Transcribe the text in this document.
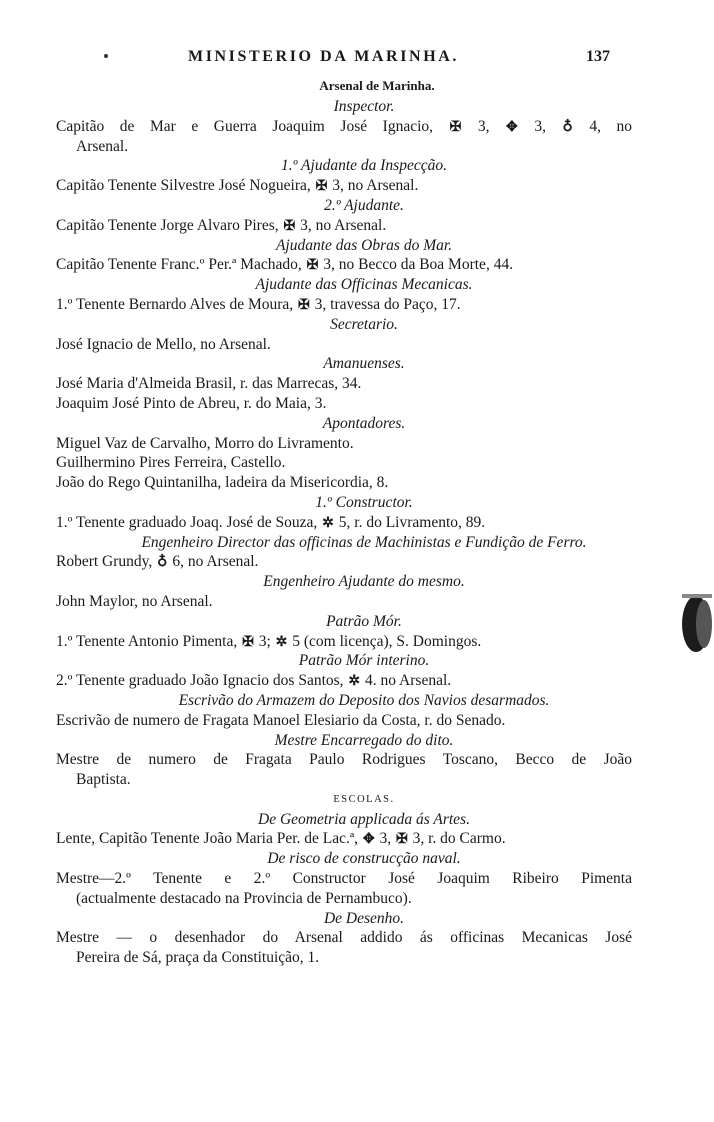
MINISTERIO DA MARINHA.	137
Arsenal de Marinha.
Inspector.
Capitão de Mar e Guerra Joaquim José Ignacio, ✠ 3, ✥ 3, ♁ 4, no
Arsenal.
1.º Ajudante da Inspecção.
Capitão Tenente Silvestre José Nogueira, ✠ 3, no Arsenal.
2.º Ajudante.
Capitão Tenente Jorge Alvaro Pires, ✠ 3, no Arsenal.
Ajudante das Obras do Mar.
Capitão Tenente Franc.º Per.ª Machado, ✠ 3, no Becco da Boa Morte, 44.
Ajudante das Officinas Mecanicas.
1.º Tenente Bernardo Alves de Moura, ✠ 3, travessa do Paço, 17.
Secretario.
José Ignacio de Mello, no Arsenal.
Amanuenses.
José Maria d'Almeida Brasil, r. das Marrecas, 34.
Joaquim José Pinto de Abreu, r. do Maia, 3.
Apontadores.
Miguel Vaz de Carvalho, Morro do Livramento.
Guilhermino Pires Ferreira, Castello.
João do Rego Quintanilha, ladeira da Misericordia, 8.
1.º Constructor.
1.º Tenente graduado Joaq. José de Souza, ✲ 5, r. do Livramento, 89.
Engenheiro Director das officinas de Machinistas e Fundição de Ferro.
Robert Grundy, ♁ 6, no Arsenal.
Engenheiro Ajudante do mesmo.
John Maylor, no Arsenal.
Patrão Mór.
1.º Tenente Antonio Pimenta, ✠ 3; ✲ 5 (com licença), S. Domingos.
Patrão Mór interino.
2.º Tenente graduado João Ignacio dos Santos, ✲ 4. no Arsenal.
Escrivão do Armazem do Deposito dos Navios desarmados.
Escrivão de numero de Fragata Manoel Elesiario da Costa, r. do Senado.
Mestre Encarregado do dito.
Mestre de numero de Fragata Paulo Rodrigues Toscano, Becco de João
Baptista.
ESCOLAS.
De Geometria applicada ás Artes.
Lente, Capitão Tenente João Maria Per. de Lac.ª, ✥ 3, ✠ 3, r. do Carmo.
De risco de construcção naval.
Mestre—2.º Tenente e 2.º Constructor José Joaquim Ribeiro Pimenta
(actualmente destacado na Provincia de Pernambuco).
De Desenho.
Mestre — o desenhador do Arsenal addido ás officinas Mecanicas José
Pereira de Sá, praça da Constituição, 1.
